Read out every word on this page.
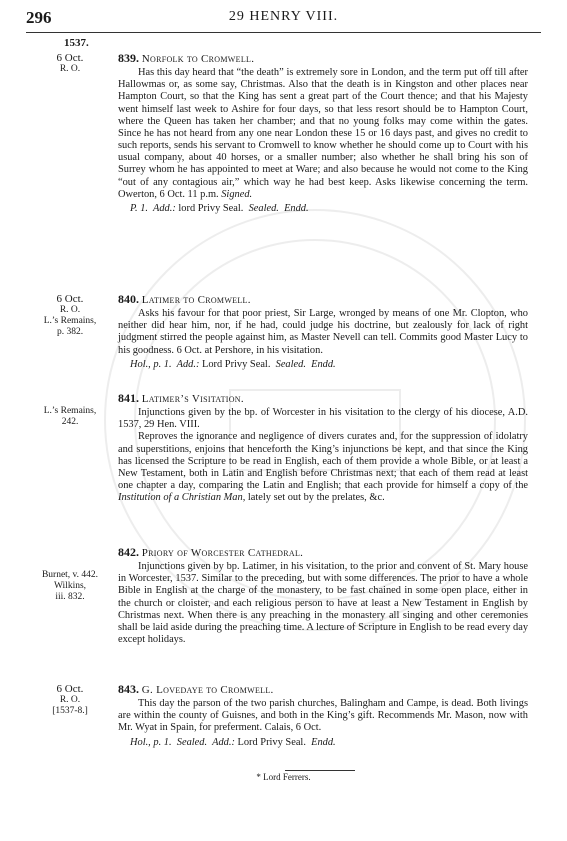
296	29 HENRY VIII.
1537.
6 Oct.
R. O.
839. Norfolk to Cromwell.

Has this day heard that “the death” is extremely sore in London, and the term put off till after Hallowmas or, as some say, Christmas. Also that the death is in Kingston and other places near Hampton Court, so that the King has sent a great part of the Court thence; and that his Majesty went himself last week to Ashire for four days, so that less resort should be to Hampton Court, where the Queen has taken her chamber; and that no young folks may come within the gates. Since he has not heard from any one near London these 15 or 16 days past, and gives no credit to such reports, sends his servant to Cromwell to know whether he should come up to Court with his usual company, about 40 horses, or a smaller number; also whether he shall bring his son of Surrey whom he has appointed to meet at Ware; and also because he would not come to the King “out of any contagious air,” which way he had best keep. Asks likewise concerning the term. Owerton, 6 Oct. 11 p.m. Signed.

P. 1. Add.: lord Privy Seal. Sealed. Endd.
6 Oct.
R. O.
L.’s Remains,
p. 382.
840. Latimer to Cromwell.

Asks his favour for that poor priest, Sir Large, wronged by means of one Mr. Clopton, who neither did hear him, nor, if he had, could judge his doctrine, but zealously for lack of right judgment stirred the people against him, as Master Nevell can tell. Commits good Master Lucy to his goodness. 6 Oct. at Pershore, in his visitation.

Hol., p. 1. Add.: Lord Privy Seal. Sealed. Endd.
L.’s Remains,
242.
841. Latimer’s Visitation.

Injunctions given by the bp. of Worcester in his visitation to the clergy of his diocese, A.D. 1537, 29 Hen. VIII.

Reproves the ignorance and negligence of divers curates and, for the suppression of idolatry and superstitions, enjoins that henceforth the King’s injunctions be kept, and that since the King has licensed the Scripture to be read in English, each of them provide a whole Bible, or at least a New Testament, both in Latin and English before Christmas next; that each of them read at least one chapter a day, comparing the Latin and English; that each provide for himself a copy of the Institution of a Christian Man, lately set out by the prelates, &c.

Burnet, v. 442.
Wilkins,
iii. 832.
842. Priory of Worcester Cathedral.

Injunctions given by bp. Latimer, in his visitation, to the prior and convent of St. Mary house in Worcester, 1537. Similar to the preceding, but with some differences. The prior to have a whole Bible in English at the charge of the monastery, to be fast chained in some open place, either in the church or cloister, and each religious person to have at least a New Testament in English by Christmas next. When there is any preaching in the monastery all singing and other ceremonies shall be laid aside during the preaching time. A lecture of Scripture in English to be read every day except holidays.

6 Oct.
R. O.
[1537-8.]
843. G. Lovedaye to Cromwell.

This day the parson of the two parish churches, Balingham and Campe, is dead. Both livings are within the county of Guisnes, and both in the King’s gift. Recommends Mr. Mason, now with Mr. Wyat in Spain, for preferment. Calais, 6 Oct.

Hol., p. 1. Sealed. Add.: Lord Privy Seal. Endd.
* Lord Ferrers.
